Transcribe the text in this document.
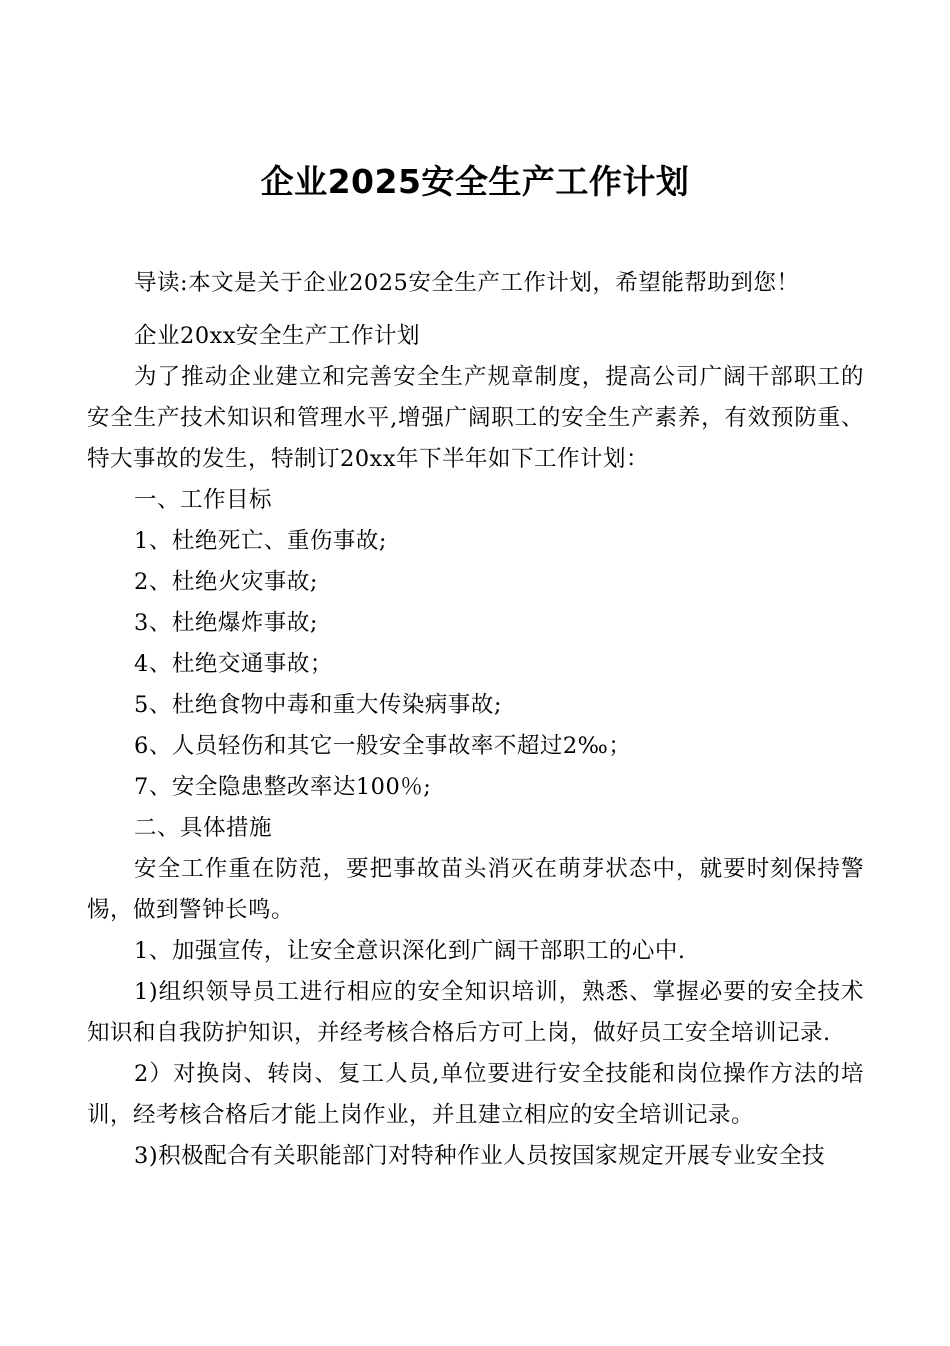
企业2025安全生产工作计划

导读:本文是关于企业2025安全生产工作计划，希望能帮助到您！

企业20xx安全生产工作计划

为了推动企业建立和完善安全生产规章制度，提高公司广阔干部职工的安全生产技术知识和管理水平,增强广阔职工的安全生产素养，有效预防重、特大事故的发生，特制订20xx年下半年如下工作计划：

一、工作目标

1、杜绝死亡、重伤事故;

2、杜绝火灾事故;

3、杜绝爆炸事故;

4、杜绝交通事故；

5、杜绝食物中毒和重大传染病事故;

6、人员轻伤和其它一般安全事故率不超过2‰；

7、安全隐患整改率达100％;

二、具体措施

安全工作重在防范，要把事故苗头消灭在萌芽状态中，就要时刻保持警惕，做到警钟长鸣。

1、加强宣传，让安全意识深化到广阔干部职工的心中.

1)组织领导员工进行相应的安全知识培训，熟悉、掌握必要的安全技术知识和自我防护知识，并经考核合格后方可上岗，做好员工安全培训记录.

2）对换岗、转岗、复工人员,单位要进行安全技能和岗位操作方法的培训，经考核合格后才能上岗作业，并且建立相应的安全培训记录。

3)积极配合有关职能部门对特种作业人员按国家规定开展专业安全技
